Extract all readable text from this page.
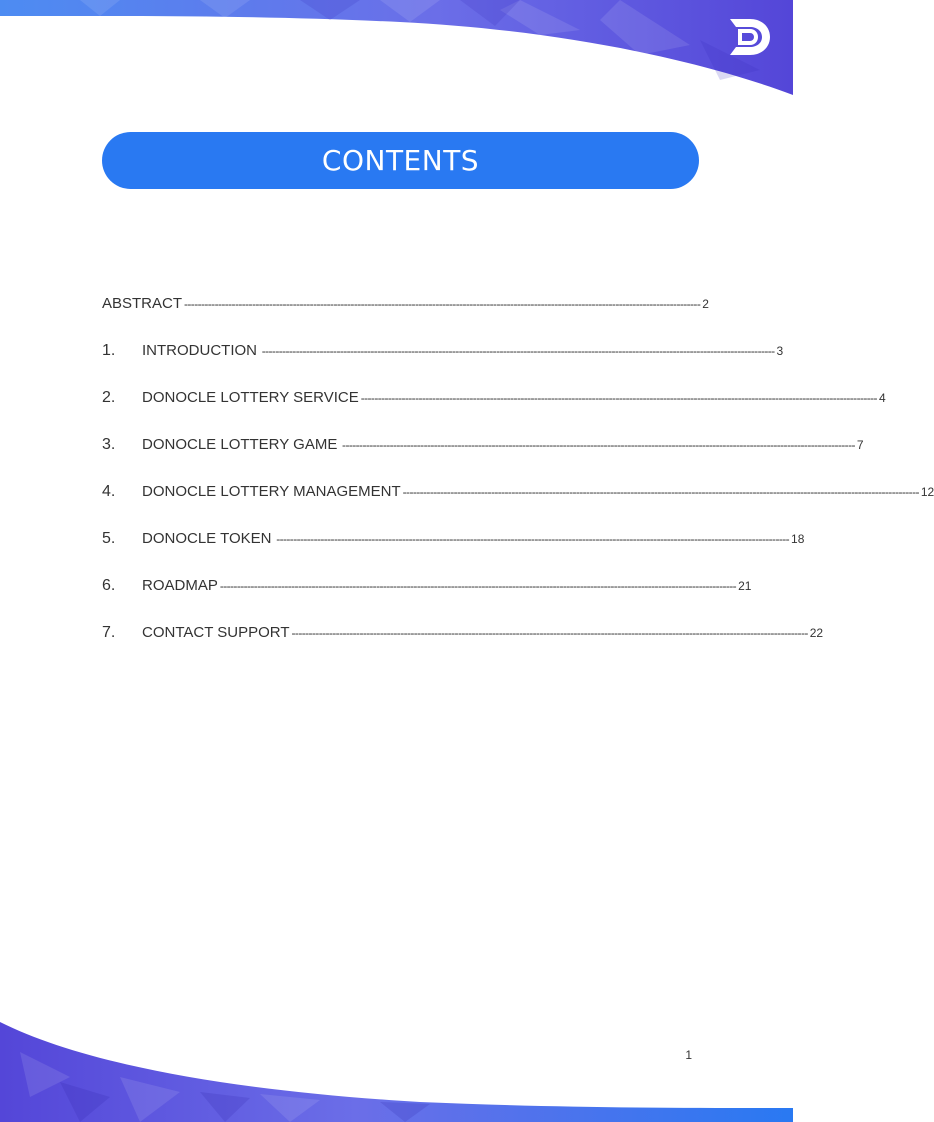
CONTENTS
ABSTRACT -------------------------------------------------------------------------------------------------------------------------------------------------------- 2
1.	INTRODUCTION ------------------------------------------------------------------------------------------------------------------------------------------------------- 3
2.	DONOCLE LOTTERY SERVICE -------------------------------------------------------------------------------------------------------------------------------------------------------- 4
3.	DONOCLE LOTTERY GAME ------------------------------------------------------------------------------------------------------------------------------------------------------- 7
4.	DONOCLE LOTTERY MANAGEMENT -------------------------------------------------------------------------------------------------------------------------------------------------------- 12
5.	DONOCLE TOKEN ------------------------------------------------------------------------------------------------------------------------------------------------------- 18
6.	ROADMAP -------------------------------------------------------------------------------------------------------------------------------------------------------- 21
7.	CONTACT SUPPORT -------------------------------------------------------------------------------------------------------------------------------------------------------- 22
1
